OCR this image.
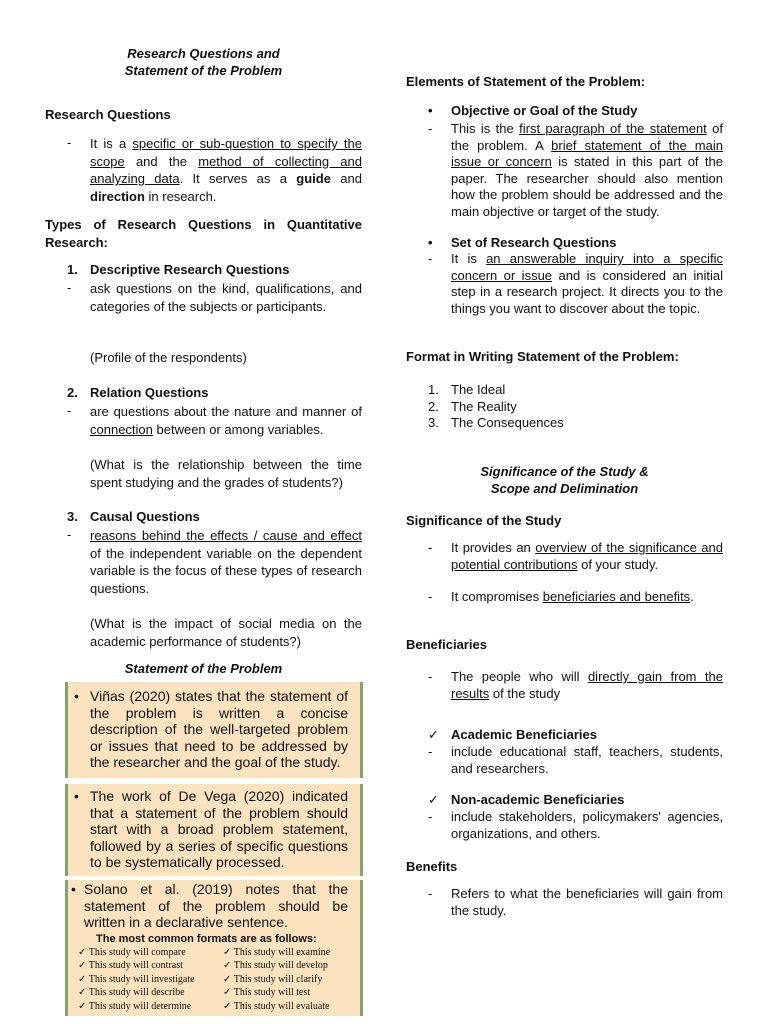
Research Questions and
Statement of the Problem
Research Questions
- It is a specific or sub-question to specify the scope and the method of collecting and analyzing data. It serves as a guide and direction in research.
Types of Research Questions in Quantitative Research:
1. Descriptive Research Questions
- ask questions on the kind, qualifications, and categories of the subjects or participants.
(Profile of the respondents)
2. Relation Questions
- are questions about the nature and manner of connection between or among variables.
(What is the relationship between the time spent studying and the grades of students?)
3. Causal Questions
- reasons behind the effects / cause and effect of the independent variable on the dependent variable is the focus of these types of research questions.
(What is the impact of social media on the academic performance of students?)
Statement of the Problem
• Viñas (2020) states that the statement of the problem is written a concise description of the well-targeted problem or issues that need to be addressed by the researcher and the goal of the study.
• The work of De Vega (2020) indicated that a statement of the problem should start with a broad problem statement, followed by a series of specific questions to be systematically processed.
• Solano et al. (2019) notes that the statement of the problem should be written in a declarative sentence.
The most common formats are as follows:
✓ This study will compare
✓ This study will contrast
✓ This study will investigate
✓ This study will describe
✓ This study will determine
✓ This study will examine
✓ This study will develop
✓ This study will clarify
✓ This study will test
✓ This study will evaluate
Elements of Statement of the Problem:
• Objective or Goal of the Study
- This is the first paragraph of the statement of the problem. A brief statement of the main issue or concern is stated in this part of the paper. The researcher should also mention how the problem should be addressed and the main objective or target of the study.
• Set of Research Questions
- It is an answerable inquiry into a specific concern or issue and is considered an initial step in a research project. It directs you to the things you want to discover about the topic.
Format in Writing Statement of the Problem:
1. The Ideal
2. The Reality
3. The Consequences
Significance of the Study &
Scope and Delimination
Significance of the Study
- It provides an overview of the significance and potential contributions of your study.
- It compromises beneficiaries and benefits.
Beneficiaries
- The people who will directly gain from the results of the study
✓ Academic Beneficiaries
- include educational staff, teachers, students, and researchers.
✓ Non-academic Beneficiaries
- include stakeholders, policymakers' agencies, organizations, and others.
Benefits
- Refers to what the beneficiaries will gain from the study.
